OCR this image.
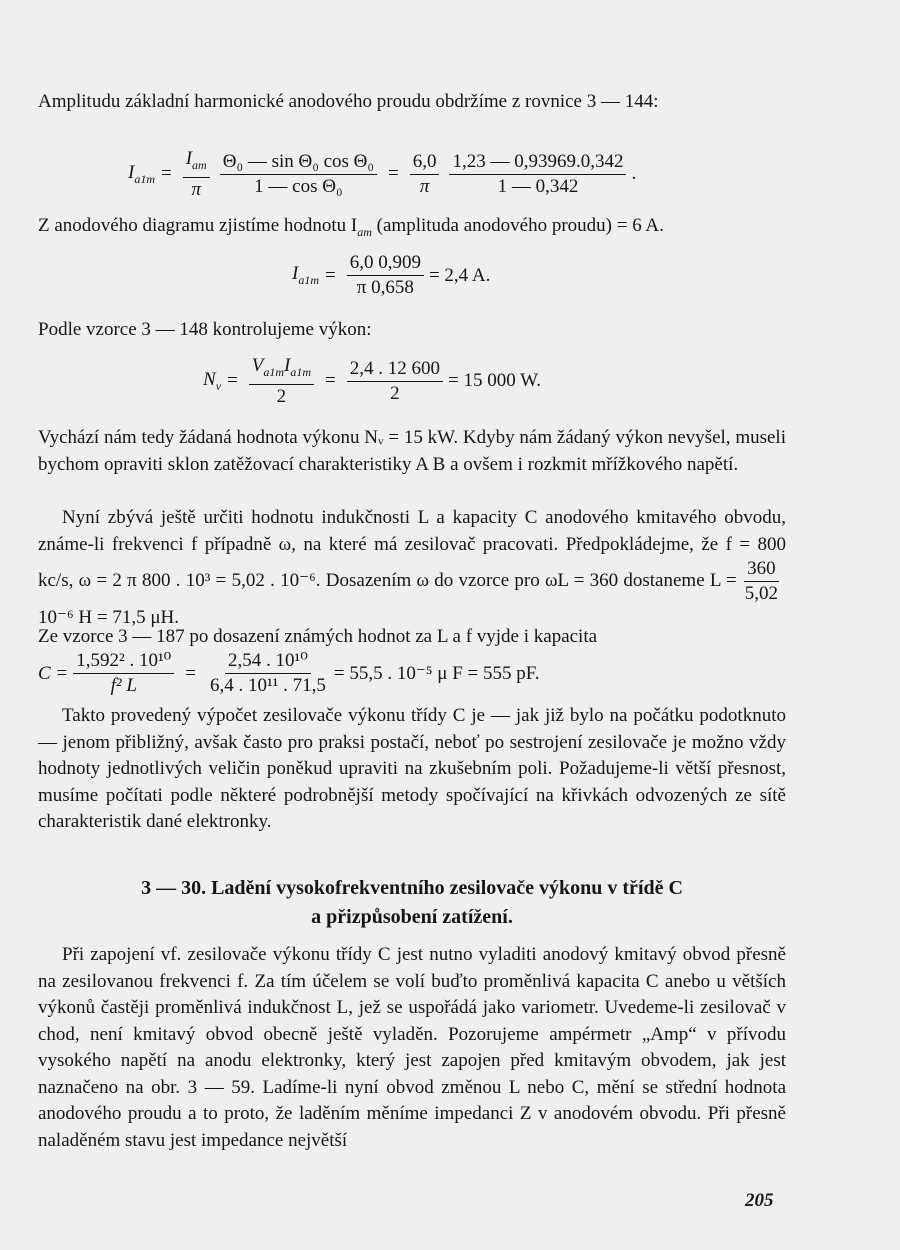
Amplitudu základní harmonické anodového proudu obdržíme z rovnice 3 — 144:

$I_{a1m} = \frac{I_{am}}{\pi} \frac{\text{Θ₀ — sin Θ₀ cos Θ₀}}{\text{1 — cos Θ₀}} = \frac{6,0}{\pi} \frac{1,23 — 0,93969.0,342}{1 — 0,342}$ .

Z anodového diagramu zjistíme hodnotu $I_{am}$ (amplituda anodového proudu) = 6 A.

$I_{a1m} = \frac{6,0 0,909}{\pi 0,658} = 2,4$ A.

Podle vzorce 3 — 148 kontrolujeme výkon:

$N_v = \frac{V_{a1m}I_{a1m}}{2} = \frac{2,4 . 12 600}{2} = 15$ 000 W.

Vychází nám tedy žádaná hodnota výkonu Nᵥ = 15 kW. Kdyby nám žádaný výkon nevyšel, museli bychom opraviti sklon zatěžovací charakteristiky A B a ovšem i rozkmit mřížkového napětí.

Nyní zbývá ještě určiti hodnotu indukčnosti L a kapacity C anodového kmitavého obvodu, známe-li frekvenci f případně ω, na které má zesilovač pracovati. Předpokládejme, že f = 800 kc/s, ω = 2 π 800 . 10³ = 5,02 . 10⁻⁶. Dosazením ω do vzorce pro ωL = 360 dostaneme $L = \frac{360}{5,02}$
10⁻⁶ H = 71,5 μH.

Ze vzorce 3 — 187 po dosazení známých hodnot za L a f vyjde i kapacita

$C = \frac{\text{1,592² . 10¹⁰}}{\text{f² L}} = \frac{\text{2,54 . 10¹⁰}}{\text{6,4 . 10¹¹ . 71,5}} = 55,5$ . 10⁻⁵ μ F = 555 pF.

Takto provedený výpočet zesilovače výkonu třídy C je — jak již bylo na počátku podotknuto — jenom přibližný, avšak často pro praksi postačí, neboť po sestrojení zesilovače je možno vždy hodnoty jednotlivých veličin poněkud upraviti na zkušebním poli. Požadujeme-li větší přesnost, musíme počítati podle některé podrobnější metody spočívající na křivkách odvozených ze sítě charakteristik dané elektronky.

3 — 30. Ladění vysokofrekventního zesilovače výkonu v třídě C
a přizpůsobení zatížení.

Při zapojení vf. zesilovače výkonu třídy C jest nutno vyladiti anodový kmitavý obvod přesně na zesilovanou frekvenci f. Za tím účelem se volí buďto proměnlivá kapacita C anebo u větších výkonů častěji proměnlivá indukčnost L, jež se uspořádá jako variometr. Uvedeme-li zesilovač v chod, není kmitavý obvod obecně ještě vyladěn. Pozorujeme ampérmetr „Amp“ v přívodu vysokého napětí na anodu elektronky, který jest zapojen před kmitavým obvodem, jak jest naznačeno na obr. 3 — 59. Ladíme-li nyní obvod změnou L nebo C, mění se střední hodnota anodového proudu a to proto, že laděním měníme impedanci Z v anodovém obvodu. Při přesně naladěném stavu jest impedance největší

205
